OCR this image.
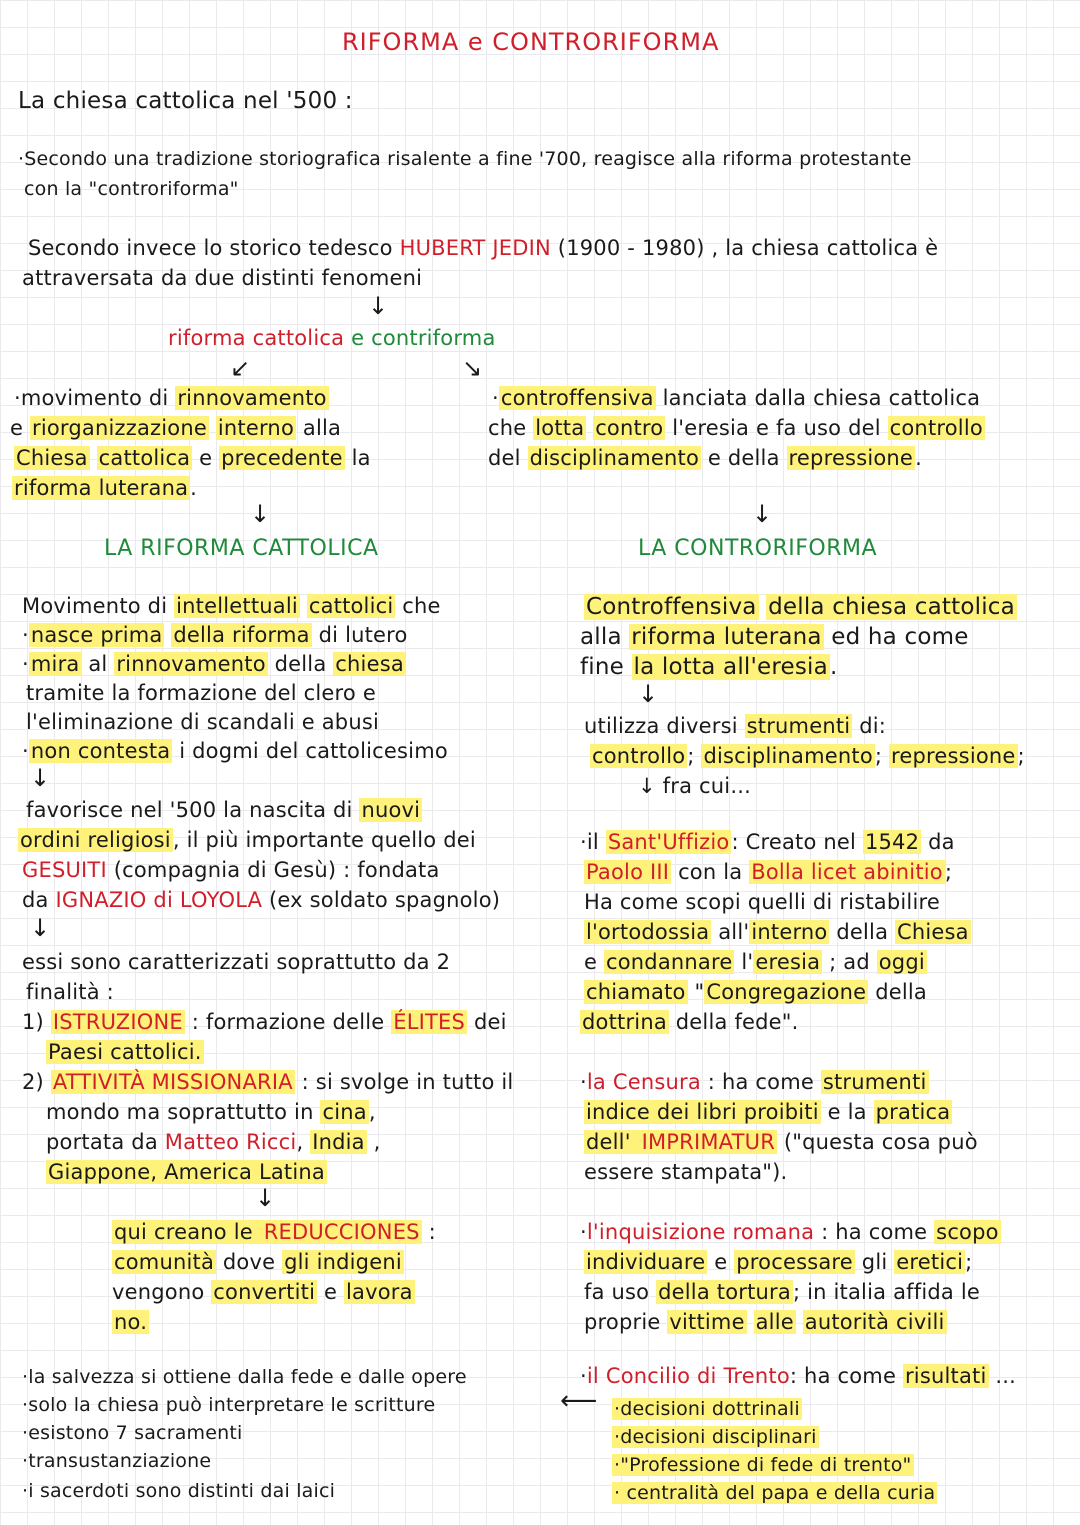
RIFORMA e CONTRORIFORMA
La chiesa cattolica nel '500 :
·Secondo una tradizione storiografica risalente a fine '700, reagisce alla riforma protestante
con la "controriforma"
Secondo invece lo storico tedesco HUBERT JEDIN (1900 - 1980) , la chiesa cattolica è
attraversata da due distinti fenomeni
↓
riforma cattolica e contriforma
↙	↘
·movimento di rinnovamento
e riorganizzazione interno alla
Chiesa cattolica e precedente la
riforma luterana.
·controffensiva lanciata dalla chiesa cattolica
che lotta contro l'eresia e fa uso del controllo
del disciplinamento e della repressione.
↓	↓
LA RIFORMA CATTOLICA	LA CONTRORIFORMA
Movimento di intellettuali cattolici che
·nasce prima della riforma di lutero
·mira al rinnovamento della chiesa
tramite la formazione del clero e
l'eliminazione di scandali e abusi
·non contesta i dogmi del cattolicesimo
↓
favorisce nel '500 la nascita di nuovi
ordini religiosi, il più importante quello dei
GESUITI (compagnia di Gesù) : fondata
da IGNAZIO di LOYOLA (ex soldato spagnolo)
↓
essi sono caratterizzati soprattutto da 2
finalità :
1) ISTRUZIONE : formazione delle ÉLITES dei
Paesi cattolici.
2) ATTIVITÀ MISSIONARIA : si svolge in tutto il
mondo ma soprattutto in cina,
portata da Matteo Ricci, India ,
Giappone, America Latina
↓
qui creano le REDUCCIONES :
comunità dove gli indigeni
vengono convertiti e lavora
no.
Controffensiva della chiesa cattolica
alla riforma luterana ed ha come
fine la lotta all'eresia.
↓
utilizza diversi strumenti di:
controllo; disciplinamento; repressione;
↓ fra cui...
·il Sant'Uffizio: Creato nel 1542 da
Paolo III con la Bolla licet abinitio;
Ha come scopi quelli di ristabilire
l'ortodossia all'interno della Chiesa
e condannare l'eresia ; ad oggi
chiamato "Congregazione della
dottrina della fede".
·la Censura : ha come strumenti
indice dei libri proibiti e la pratica
dell' IMPRIMATUR ("questa cosa può
essere stampata").
·l'inquisizione romana : ha come scopo
individuare e processare gli eretici;
fa uso della tortura; in italia affida le
proprie vittime alle autorità civili
·il Concilio di Trento: ha come risultati ...
·decisioni dottrinali
·decisioni disciplinari
·"Professione di fede di trento"
· centralità del papa e della curia
⟵
·la salvezza si ottiene dalla fede e dalle opere
·solo la chiesa può interpretare le scritture
·esistono 7 sacramenti
·transustanziazione
·i sacerdoti sono distinti dai laici
